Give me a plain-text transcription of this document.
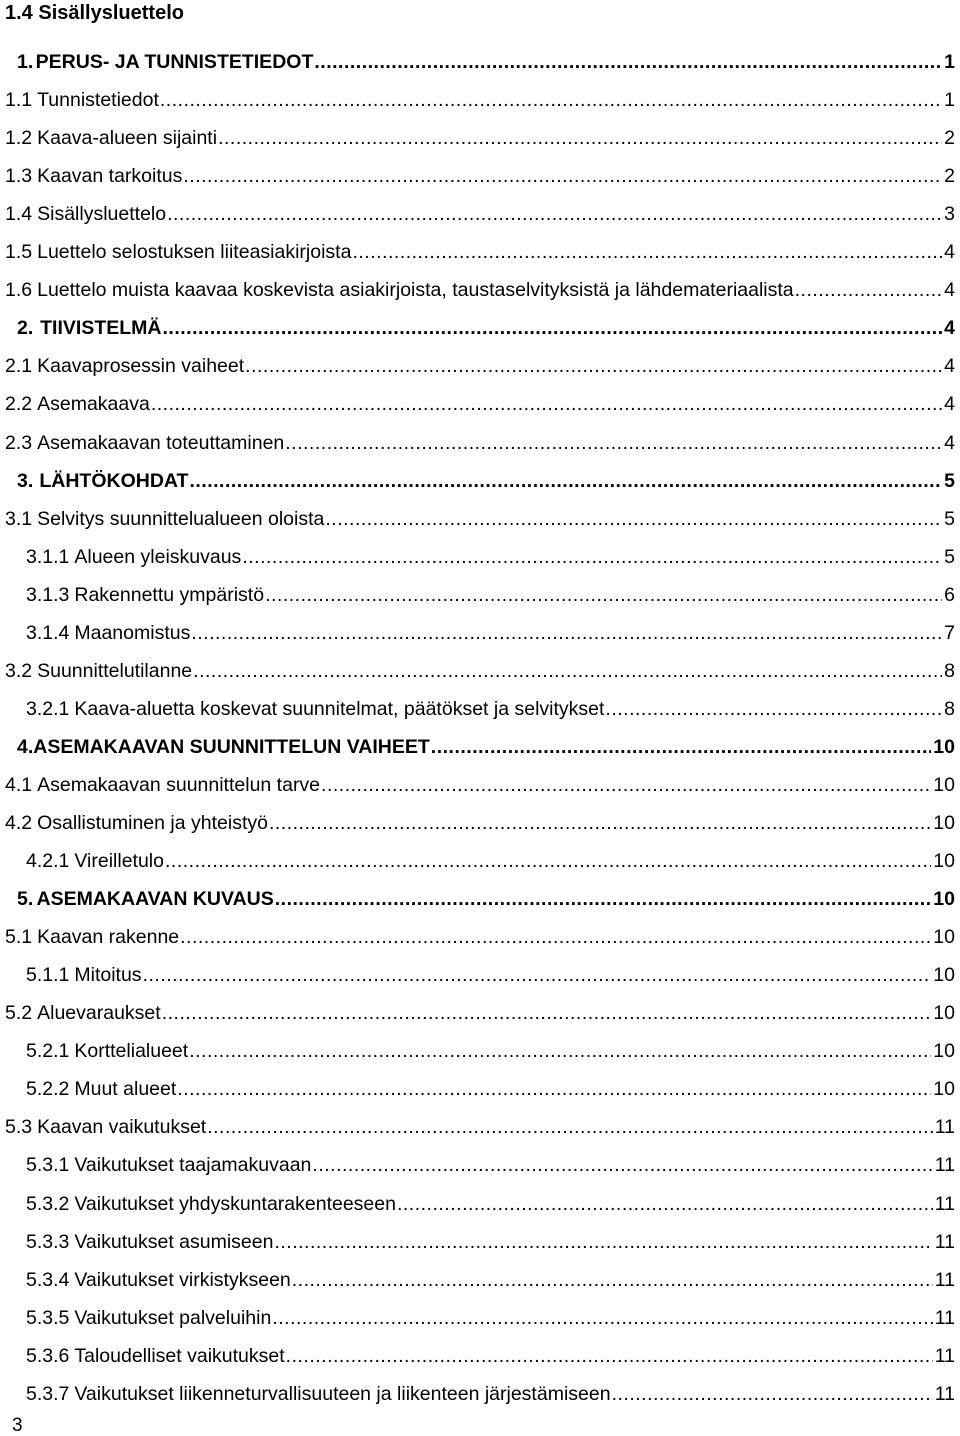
1.4 Sisällysluettelo
1. PERUS- JA TUNNISTETIEDOT .....	1
1.1 Tunnistetiedot .....	1
1.2 Kaava-alueen sijainti .....	2
1.3 Kaavan tarkoitus .....	2
1.4 Sisällysluettelo .....	3
1.5 Luettelo selostuksen liiteasiakirjoista .....	4
1.6 Luettelo muista kaavaa koskevista asiakirjoista, taustaselvityksistä ja lähdemateriaalista .....	4
2. TIIVISTELMÄ .....	4
2.1 Kaavaprosessin vaiheet .....	4
2.2 Asemakaava .....	4
2.3 Asemakaavan toteuttaminen .....	4
3. LÄHTÖKOHDAT .....	5
3.1 Selvitys suunnittelualueen oloista .....	5
3.1.1 Alueen yleiskuvaus .....	5
3.1.3 Rakennettu ympäristö .....	6
3.1.4 Maanomistus .....	7
3.2 Suunnittelutilanne .....	8
3.2.1 Kaava-aluetta koskevat suunnitelmat, päätökset ja selvitykset .....	8
4. ASEMAKAAVAN SUUNNITTELUN VAIHEET .....	10
4.1 Asemakaavan suunnittelun tarve .....	10
4.2 Osallistuminen ja yhteistyö .....	10
4.2.1 Vireilletulo .....	10
5. ASEMAKAAVAN KUVAUS .....	10
5.1 Kaavan rakenne .....	10
5.1.1 Mitoitus .....	10
5.2 Aluevaraukset .....	10
5.2.1 Korttelialueet .....	10
5.2.2 Muut alueet .....	10
5.3 Kaavan vaikutukset .....	11
5.3.1 Vaikutukset taajamakuvaan .....	11
5.3.2 Vaikutukset yhdyskuntarakenteeseen .....	11
5.3.3 Vaikutukset asumiseen .....	11
5.3.4 Vaikutukset virkistykseen .....	11
5.3.5 Vaikutukset palveluihin .....	11
5.3.6 Taloudelliset vaikutukset .....	11
5.3.7 Vaikutukset liikenneturvallisuuteen ja liikenteen järjestämiseen .....	11
3
